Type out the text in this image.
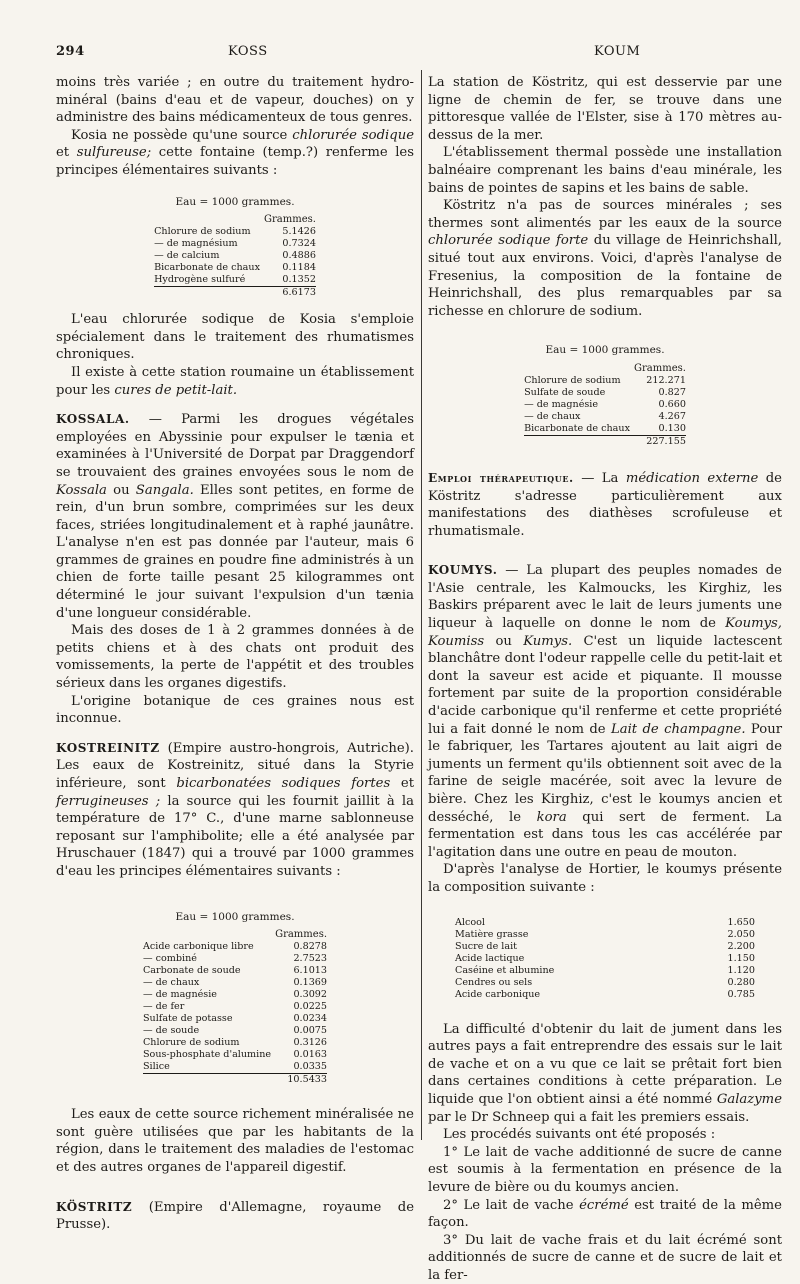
294	KOSS	KOUM

moins très variée ; en outre du traitement hydro-minéral (bains d'eau et de vapeur, douches) on y administre des bains médicamenteux de tous genres.

Kosia ne possède qu'une source chlorurée sodique et sulfureuse; cette fontaine (temp.?) renferme les principes élémentaires suivants :

Eau = 1000 grammes.
	Grammes.
Chlorure de sodium	5.1426
— de magnésium	0.7324
— de calcium	0.4886
Bicarbonate de chaux	0.1184
Hydrogène sulfuré	0.1352
	6.6173

L'eau chlorurée sodique de Kosia s'emploie spécialement dans le traitement des rhumatismes chroniques.

Il existe à cette station roumaine un établissement pour les cures de petit-lait.

KOSSALA. — Parmi les drogues végétales employées en Abyssinie pour expulser le tænia et examinées à l'Université de Dorpat par Draggendorf se trouvaient des graines envoyées sous le nom de Kossala ou Sangala. Elles sont petites, en forme de rein, d'un brun sombre, comprimées sur les deux faces, striées longitudinalement et à raphé jaunâtre. L'analyse n'en est pas donnée par l'auteur, mais 6 grammes de graines en poudre fine administrés à un chien de forte taille pesant 25 kilogrammes ont déterminé le jour suivant l'expulsion d'un tænia d'une longueur considérable.

Mais des doses de 1 à 2 grammes données à de petits chiens et à des chats ont produit des vomissements, la perte de l'appétit et des troubles sérieux dans les organes digestifs.

L'origine botanique de ces graines nous est inconnue.

KOSTREINITZ (Empire austro-hongrois, Autriche). Les eaux de Kostreinitz, situé dans la Styrie inférieure, sont bicarbonatées sodiques fortes et ferrugineuses ; la source qui les fournit jaillit à la température de 17° C., d'une marne sablonneuse reposant sur l'amphibolite; elle a été analysée par Hruschauer (1847) qui a trouvé par 1000 grammes d'eau les principes élémentaires suivants :

Eau = 1000 grammes.
	Grammes.
Acide carbonique libre	0.8278
— combiné	2.7523
Carbonate de soude	6.1013
— de chaux	0.1369
— de magnésie	0.3092
— de fer	0.0225
Sulfate de potasse	0.0234
— de soude	0.0075
Chlorure de sodium	0.3126
Sous-phosphate d'alumine	0.0163
Silice	0.0335
	10.5433

Les eaux de cette source richement minéralisée ne sont guère utilisées que par les habitants de la région, dans le traitement des maladies de l'estomac et des autres organes de l'appareil digestif.

KÖSTRITZ (Empire d'Allemagne, royaume de Prusse).

La station de Köstritz, qui est desservie par une ligne de chemin de fer, se trouve dans une pittoresque vallée de l'Elster, sise à 170 mètres au-dessus de la mer.

L'établissement thermal possède une installation balnéaire comprenant les bains d'eau minérale, les bains de pointes de sapins et les bains de sable.

Köstritz n'a pas de sources minérales ; ses thermes sont alimentés par les eaux de la source chlorurée sodique forte du village de Heinrichshall, situé tout aux environs. Voici, d'après l'analyse de Fresenius, la composition de la fontaine de Heinrichshall, des plus remarquables par sa richesse en chlorure de sodium.

Eau = 1000 grammes.
	Grammes.
Chlorure de sodium	212.271
Sulfate de soude	0.827
— de magnésie	0.660
— de chaux	4.267
Bicarbonate de chaux	0.130
	227.155

Emploi thérapeutique. — La médication externe de Köstritz s'adresse particulièrement aux manifestations des diathèses scrofuleuse et rhumatismale.

KOUMYS. — La plupart des peuples nomades de l'Asie centrale, les Kalmoucks, les Kirghiz, les Baskirs préparent avec le lait de leurs juments une liqueur à laquelle on donne le nom de Koumys, Koumiss ou Kumys. C'est un liquide lactescent blanchâtre dont l'odeur rappelle celle du petit-lait et dont la saveur est acide et piquante. Il mousse fortement par suite de la proportion considérable d'acide carbonique qu'il renferme et cette propriété lui a fait donné le nom de Lait de champagne. Pour le fabriquer, les Tartares ajoutent au lait aigri de juments un ferment qu'ils obtiennent soit avec de la farine de seigle macérée, soit avec la levure de bière. Chez les Kirghiz, c'est le koumys ancien et desséché, le kora qui sert de ferment. La fermentation est dans tous les cas accélérée par l'agitation dans une outre en peau de mouton.

D'après l'analyse de Hortier, le koumys présente la composition suivante :

Alcool	1.650
Matière grasse	2.050
Sucre de lait	2.200
Acide lactique	1.150
Caséine et albumine	1.120
Cendres ou sels	0.280
Acide carbonique	0.785

La difficulté d'obtenir du lait de jument dans les autres pays a fait entreprendre des essais sur le lait de vache et on a vu que ce lait se prêtait fort bien dans certaines conditions à cette préparation. Le liquide que l'on obtient ainsi a été nommé Galazyme par le Dr Schneep qui a fait les premiers essais.

Les procédés suivants ont été proposés :

1° Le lait de vache additionné de sucre de canne est soumis à la fermentation en présence de la levure de bière ou du koumys ancien.

2° Le lait de vache écrémé est traité de la même façon.

3° Du lait de vache frais et du lait écrémé sont additionnés de sucre de canne et de sucre de lait et la fer-
